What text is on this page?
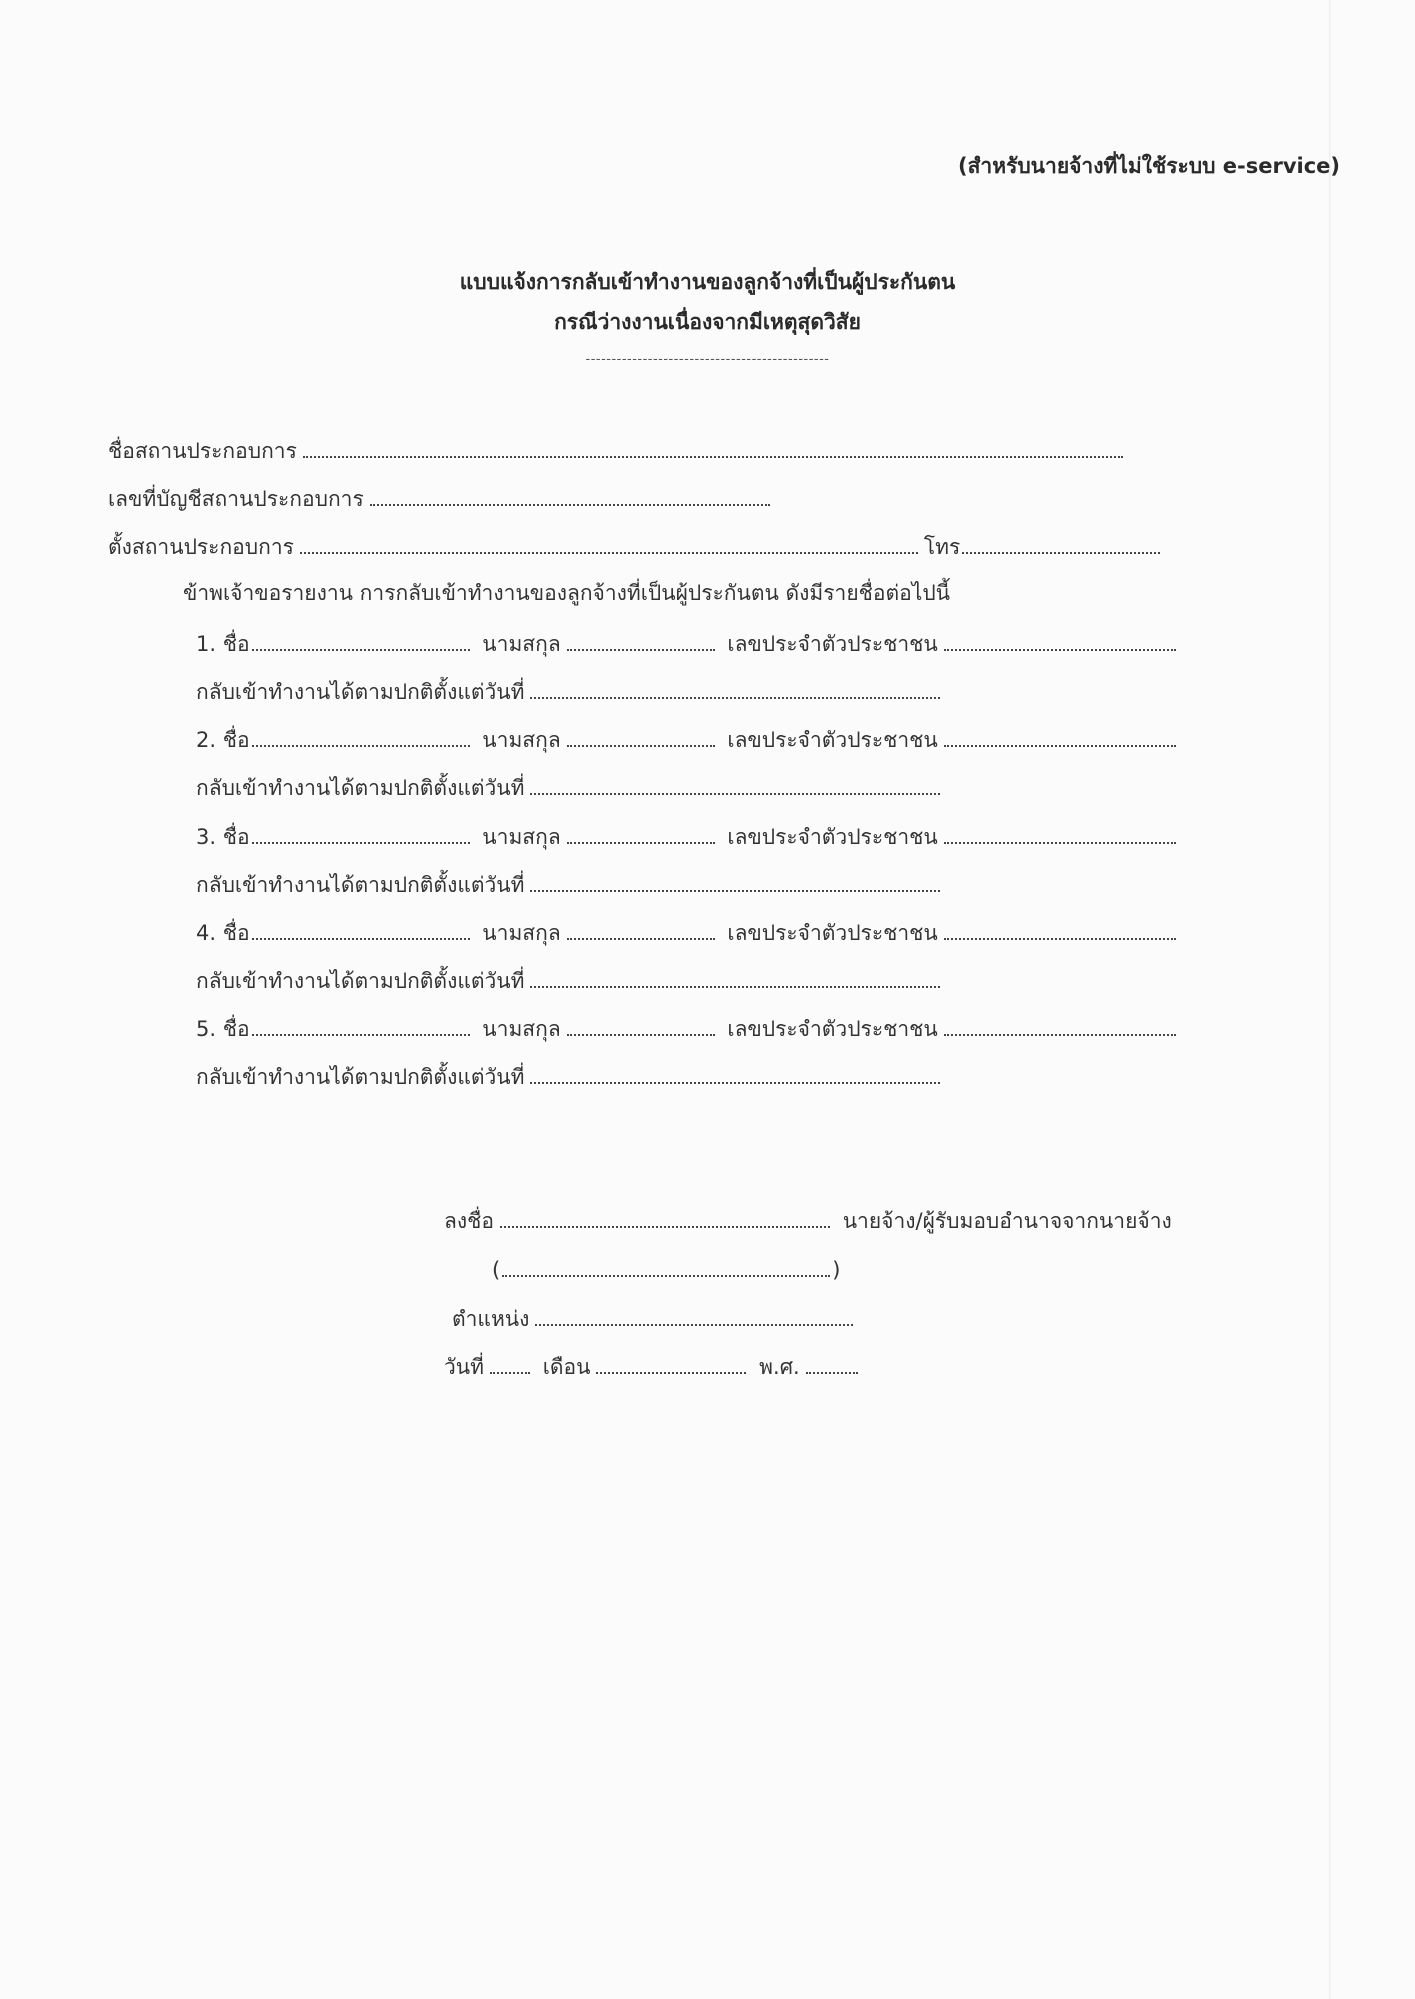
(สำหรับนายจ้างที่ไม่ใช้ระบบ e-service)
แบบแจ้งการกลับเข้าทำงานของลูกจ้างที่เป็นผู้ประกันตน
กรณีว่างงานเนื่องจากมีเหตุสุดวิสัย
-----------------------------------------------
ชื่อสถานประกอบการ
เลขที่บัญชีสถานประกอบการ
ตั้งสถานประกอบการ	โทร
ข้าพเจ้าขอรายงาน การกลับเข้าทำงานของลูกจ้างที่เป็นผู้ประกันตน ดังมีรายชื่อต่อไปนี้
1. ชื่อ	นามสกุล	เลขประจำตัวประชาชน
กลับเข้าทำงานได้ตามปกติตั้งแต่วันที่
2. ชื่อ	นามสกุล	เลขประจำตัวประชาชน
กลับเข้าทำงานได้ตามปกติตั้งแต่วันที่
3. ชื่อ	นามสกุล	เลขประจำตัวประชาชน
กลับเข้าทำงานได้ตามปกติตั้งแต่วันที่
4. ชื่อ	นามสกุล	เลขประจำตัวประชาชน
กลับเข้าทำงานได้ตามปกติตั้งแต่วันที่
5. ชื่อ	นามสกุล	เลขประจำตัวประชาชน
กลับเข้าทำงานได้ตามปกติตั้งแต่วันที่
ลงชื่อ	นายจ้าง/ผู้รับมอบอำนาจจากนายจ้าง
(	)
ตำแหน่ง
วันที่	เดือน	พ.ศ.
